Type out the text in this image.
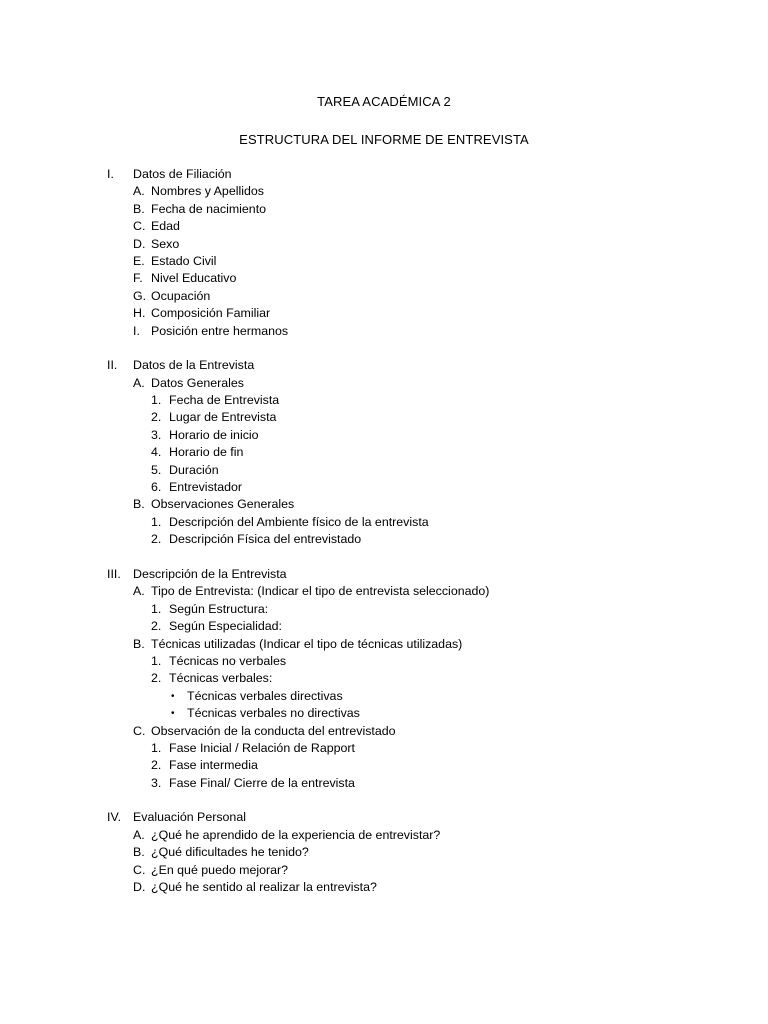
TAREA ACADÉMICA 2
ESTRUCTURA DEL INFORME DE ENTREVISTA
I. Datos de Filiación
A. Nombres y Apellidos
B. Fecha de nacimiento
C. Edad
D. Sexo
E. Estado Civil
F. Nivel Educativo
G. Ocupación
H. Composición Familiar
I. Posición entre hermanos
II. Datos de la Entrevista
A. Datos Generales
1. Fecha de Entrevista
2. Lugar de Entrevista
3. Horario de inicio
4. Horario de fin
5. Duración
6. Entrevistador
B. Observaciones Generales
1. Descripción del Ambiente físico de la entrevista
2. Descripción Física del entrevistado
III. Descripción de la Entrevista
A. Tipo de Entrevista: (Indicar el tipo de entrevista seleccionado)
1. Según Estructura:
2. Según Especialidad:
B. Técnicas utilizadas (Indicar el tipo de técnicas utilizadas)
1. Técnicas no verbales
2. Técnicas verbales:
• Técnicas verbales directivas
• Técnicas verbales no directivas
C. Observación de la conducta del entrevistado
1. Fase Inicial / Relación de Rapport
2. Fase intermedia
3. Fase Final/ Cierre de la entrevista
IV. Evaluación Personal
A. ¿Qué he aprendido de la experiencia de entrevistar?
B. ¿Qué dificultades he tenido?
C. ¿En qué puedo mejorar?
D. ¿Qué he sentido al realizar la entrevista?
